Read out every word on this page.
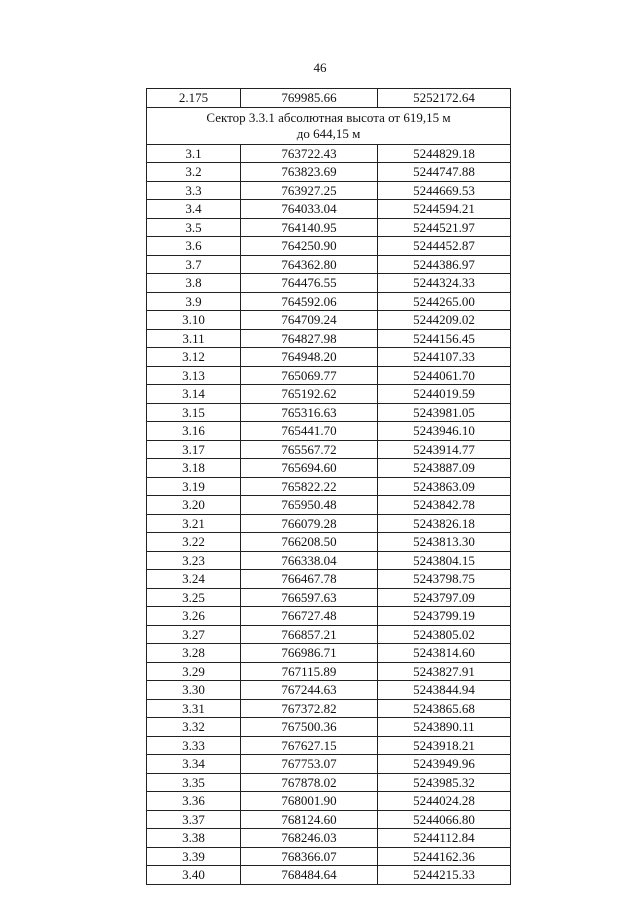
46
2.175	769985.66	5252172.64

Сектор 3.3.1 абсолютная высота от 619,15 м
до 644,15 м		

3.1	763722.43	5244829.18
3.2	763823.69	5244747.88
3.3	763927.25	5244669.53
3.4	764033.04	5244594.21
3.5	764140.95	5244521.97
3.6	764250.90	5244452.87
3.7	764362.80	5244386.97
3.8	764476.55	5244324.33
3.9	764592.06	5244265.00
3.10	764709.24	5244209.02
3.11	764827.98	5244156.45
3.12	764948.20	5244107.33
3.13	765069.77	5244061.70
3.14	765192.62	5244019.59
3.15	765316.63	5243981.05
3.16	765441.70	5243946.10
3.17	765567.72	5243914.77
3.18	765694.60	5243887.09
3.19	765822.22	5243863.09
3.20	765950.48	5243842.78
3.21	766079.28	5243826.18
3.22	766208.50	5243813.30
3.23	766338.04	5243804.15
3.24	766467.78	5243798.75
3.25	766597.63	5243797.09
3.26	766727.48	5243799.19
3.27	766857.21	5243805.02
3.28	766986.71	5243814.60
3.29	767115.89	5243827.91
3.30	767244.63	5243844.94
3.31	767372.82	5243865.68
3.32	767500.36	5243890.11
3.33	767627.15	5243918.21
3.34	767753.07	5243949.96
3.35	767878.02	5243985.32
3.36	768001.90	5244024.28
3.37	768124.60	5244066.80
3.38	768246.03	5244112.84
3.39	768366.07	5244162.36
3.40	768484.64	5244215.33
